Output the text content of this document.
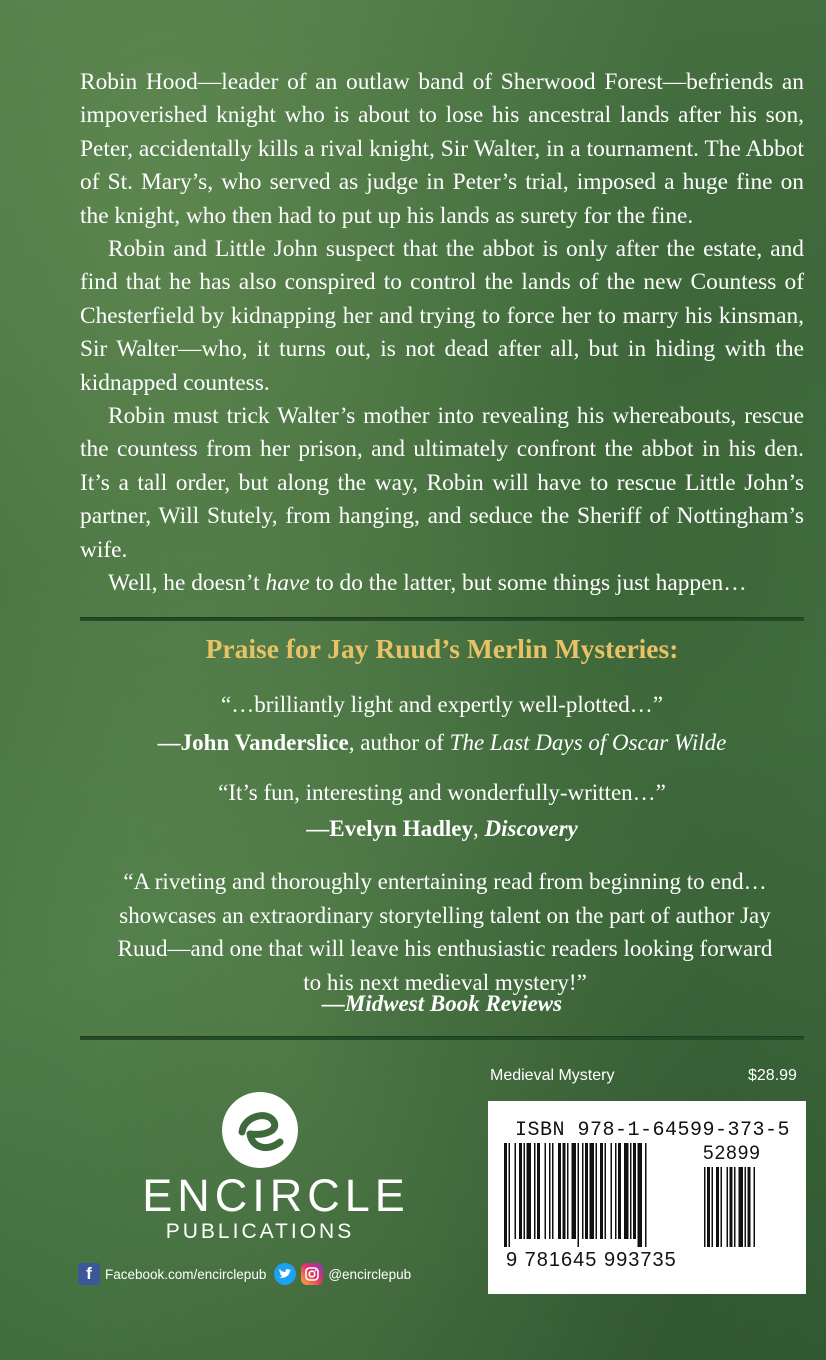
Robin Hood—leader of an outlaw band of Sherwood Forest—befriends an impoverished knight who is about to lose his ancestral lands after his son, Peter, accidentally kills a rival knight, Sir Walter, in a tournament. The Abbot of St. Mary’s, who served as judge in Peter’s trial, imposed a huge fine on the knight, who then had to put up his lands as surety for the fine.

Robin and Little John suspect that the abbot is only after the estate, and find that he has also conspired to control the lands of the new Countess of Chesterfield by kidnapping her and trying to force her to marry his kinsman, Sir Walter—who, it turns out, is not dead after all, but in hiding with the kidnapped countess.

Robin must trick Walter’s mother into revealing his whereabouts, rescue the countess from her prison, and ultimately confront the abbot in his den. It’s a tall order, but along the way, Robin will have to rescue Little John’s partner, Will Stutely, from hanging, and seduce the Sheriff of Nottingham’s wife.

Well, he doesn’t have to do the latter, but some things just happen…

Praise for Jay Ruud’s Merlin Mysteries:
“…brilliantly light and expertly well-plotted…”
—John Vanderslice, author of The Last Days of Oscar Wilde
“It’s fun, interesting and wonderfully-written…”
—Evelyn Hadley, Discovery
“A riveting and thoroughly entertaining read from beginning to end… showcases an extraordinary storytelling talent on the part of author Jay Ruud—and one that will leave his enthusiastic readers looking forward to his next medieval mystery!”
—Midwest Book Reviews
Medieval Mystery	$28.99
ISBN 978-1-64599-373-5
52899
9 781645 993735
ENCIRCLE
PUBLICATIONS
f Facebook.com/encirclepub	@encirclepub
